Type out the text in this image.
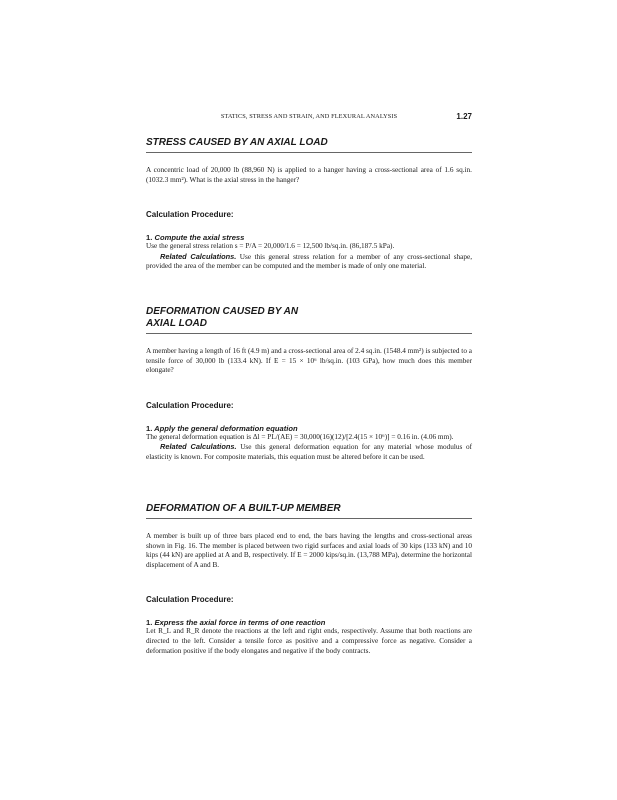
STATICS, STRESS AND STRAIN, AND FLEXURAL ANALYSIS	1.27
STRESS CAUSED BY AN AXIAL LOAD

A concentric load of 20,000 lb (88,960 N) is applied to a hanger having a cross-sectional area of 1.6 sq.in. (1032.3 mm²). What is the axial stress in the hanger?

Calculation Procedure:

1. Compute the axial stress

Use the general stress relation s = P/A = 20,000/1.6 = 12,500 lb/sq.in. (86,187.5 kPa).

Related Calculations. Use this general stress relation for a member of any cross-sectional shape, provided the area of the member can be computed and the member is made of only one material.

DEFORMATION CAUSED BY AN
AXIAL LOAD

A member having a length of 16 ft (4.9 m) and a cross-sectional area of 2.4 sq.in. (1548.4 mm²) is subjected to a tensile force of 30,000 lb (133.4 kN). If E = 15 × 10⁶ lb/sq.in. (103 GPa), how much does this member elongate?

Calculation Procedure:

1. Apply the general deformation equation

The general deformation equation is Δl = PL/(AE) = 30,000(16)(12)/[2.4(15 × 10⁶)] = 0.16 in. (4.06 mm).

Related Calculations. Use this general deformation equation for any material whose modulus of elasticity is known. For composite materials, this equation must be altered before it can be used.

DEFORMATION OF A BUILT-UP MEMBER

A member is built up of three bars placed end to end, the bars having the lengths and cross-sectional areas shown in Fig. 16. The member is placed between two rigid surfaces and axial loads of 30 kips (133 kN) and 10 kips (44 kN) are applied at A and B, respectively. If E = 2000 kips/sq.in. (13,788 MPa), determine the horizontal displacement of A and B.

Calculation Procedure:

1. Express the axial force in terms of one reaction

Let R_L and R_R denote the reactions at the left and right ends, respectively. Assume that both reactions are directed to the left. Consider a tensile force as positive and a compressive force as negative. Consider a deformation positive if the body elongates and negative if the body contracts.
